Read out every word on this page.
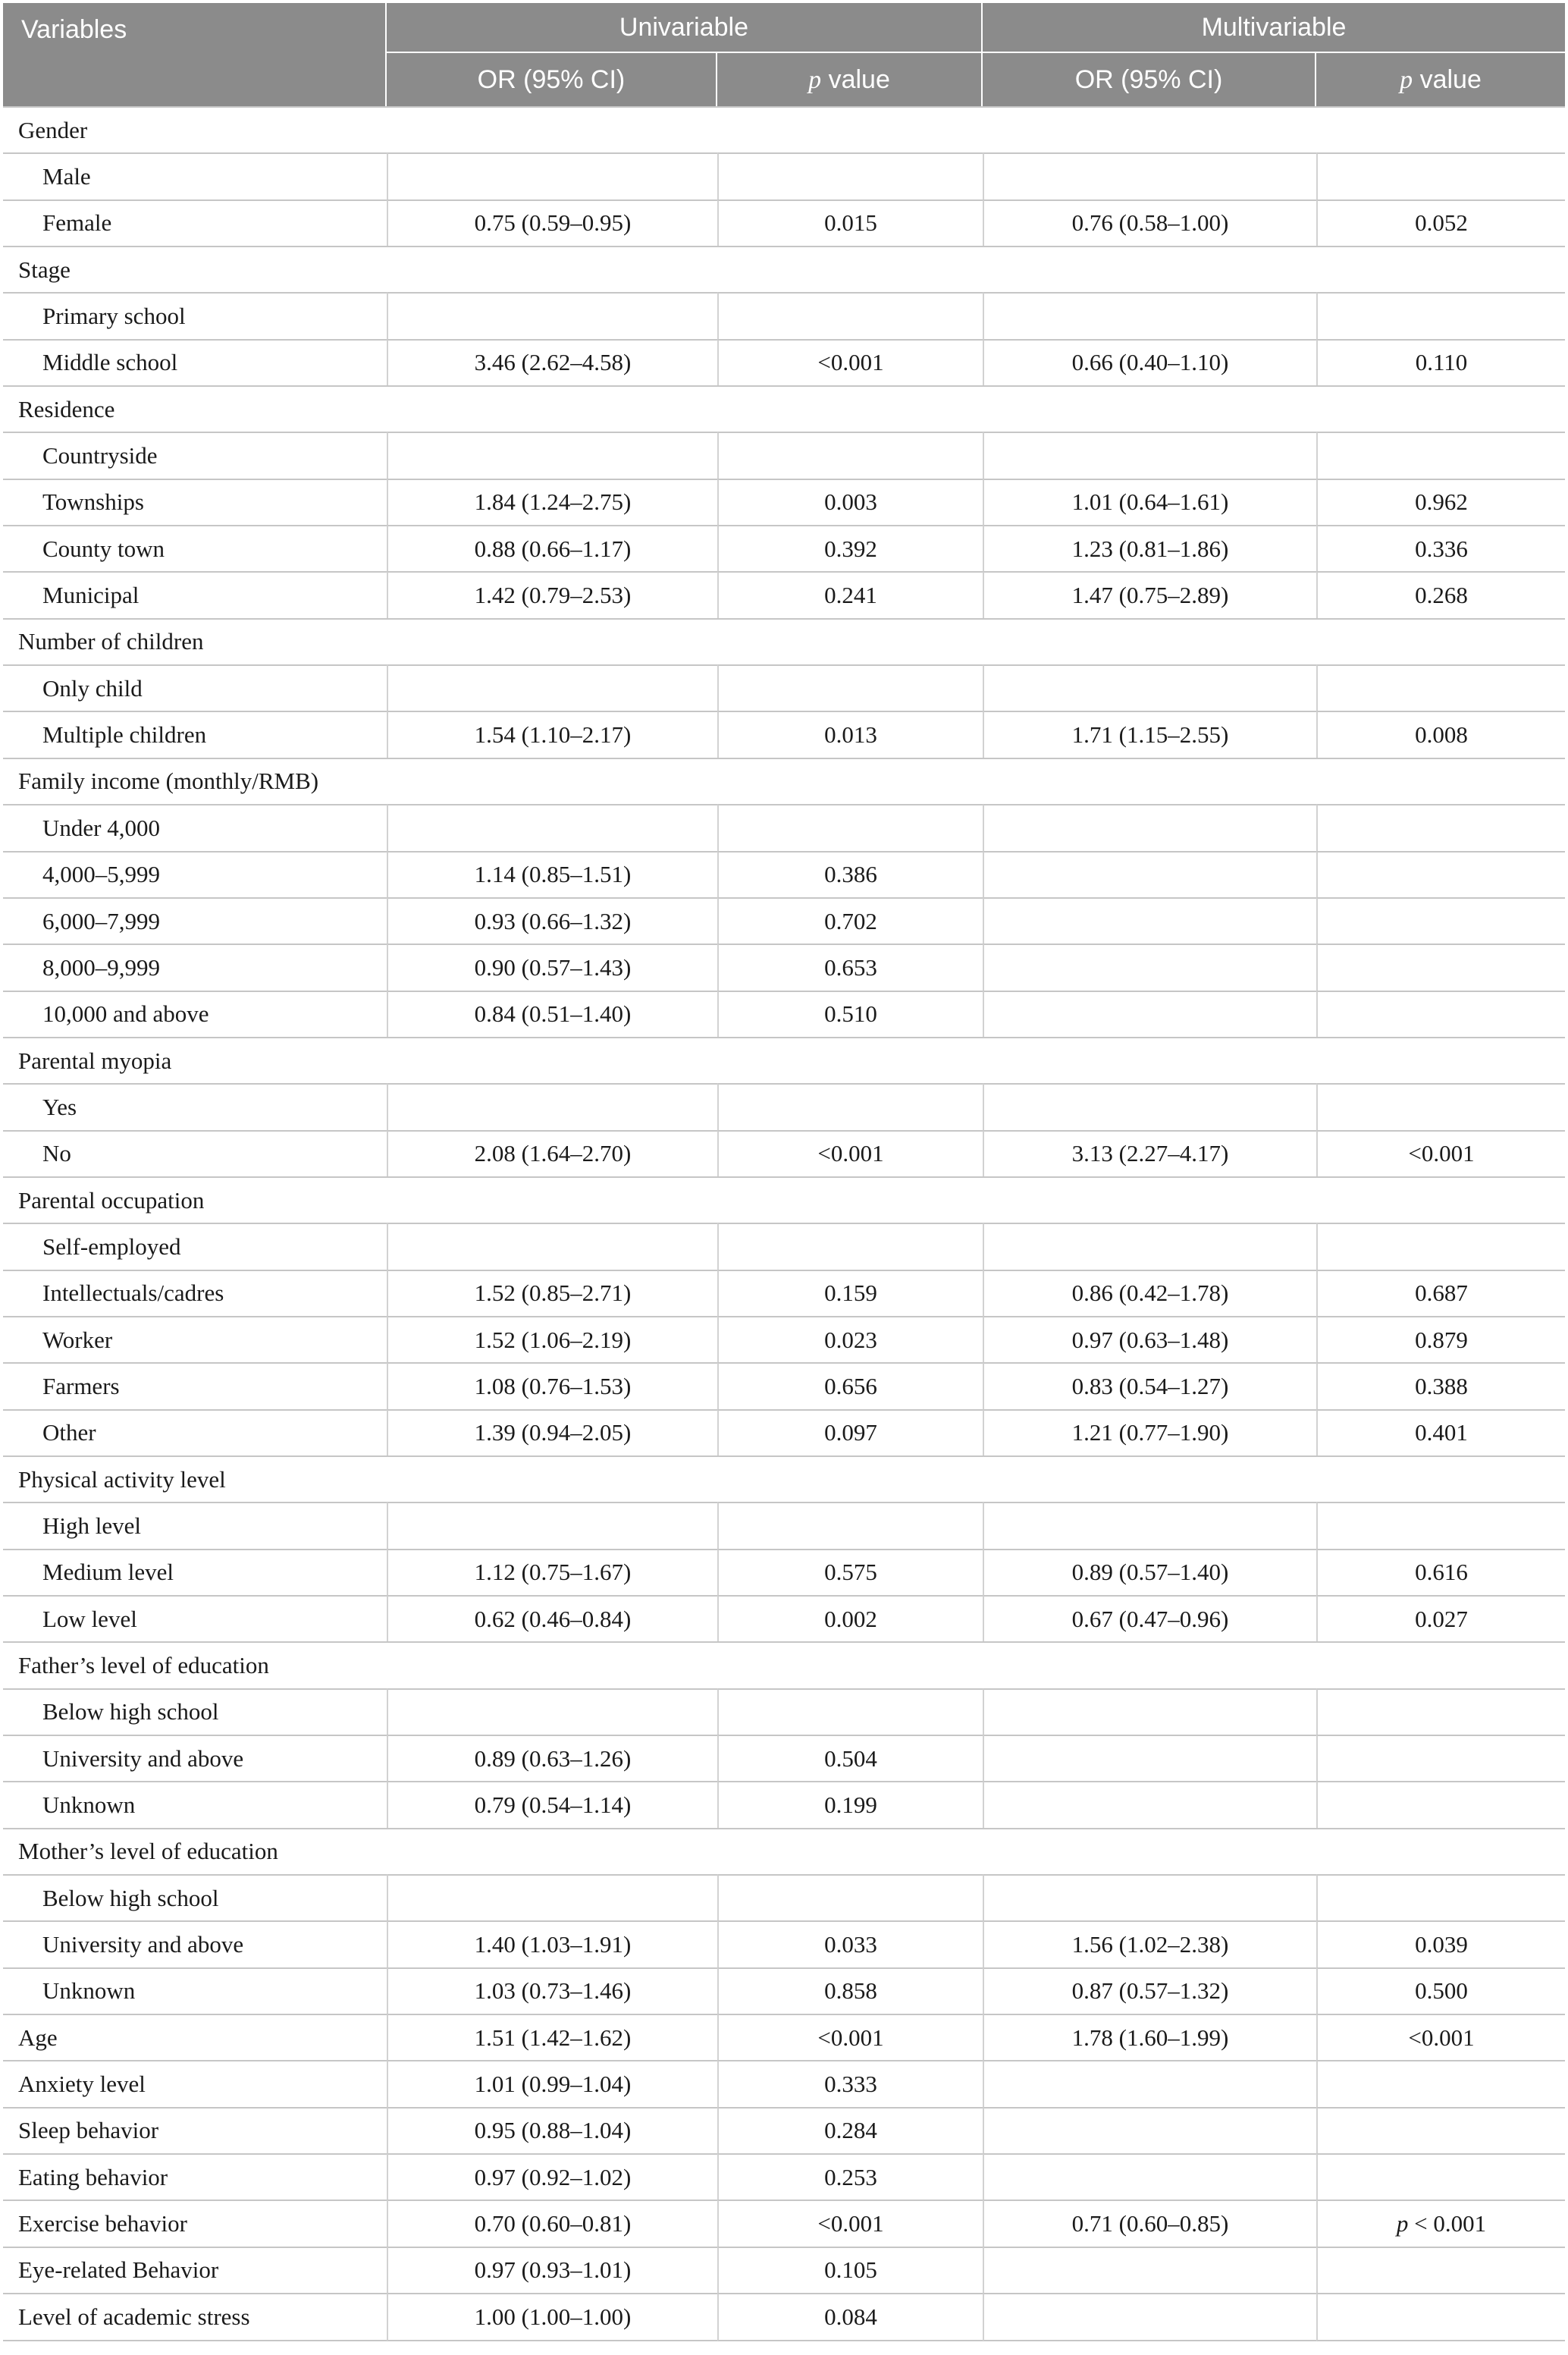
Variables	Univariable		Multivariable	
	OR (95% CI)	p value	OR (95% CI)	p value
Gender				
Male				
Female	0.75 (0.59–0.95)	0.015	0.76 (0.58–1.00)	0.052
Stage				
Primary school				
Middle school	3.46 (2.62–4.58)	<0.001	0.66 (0.40–1.10)	0.110
Residence				
Countryside				
Townships	1.84 (1.24–2.75)	0.003	1.01 (0.64–1.61)	0.962
County town	0.88 (0.66–1.17)	0.392	1.23 (0.81–1.86)	0.336
Municipal	1.42 (0.79–2.53)	0.241	1.47 (0.75–2.89)	0.268
Number of children				
Only child				
Multiple children	1.54 (1.10–2.17)	0.013	1.71 (1.15–2.55)	0.008
Family income (monthly/RMB)				
Under 4,000				
4,000–5,999	1.14 (0.85–1.51)	0.386		
6,000–7,999	0.93 (0.66–1.32)	0.702		
8,000–9,999	0.90 (0.57–1.43)	0.653		
10,000 and above	0.84 (0.51–1.40)	0.510		
Parental myopia				
Yes				
No	2.08 (1.64–2.70)	<0.001	3.13 (2.27–4.17)	<0.001
Parental occupation				
Self-employed				
Intellectuals/cadres	1.52 (0.85–2.71)	0.159	0.86 (0.42–1.78)	0.687
Worker	1.52 (1.06–2.19)	0.023	0.97 (0.63–1.48)	0.879
Farmers	1.08 (0.76–1.53)	0.656	0.83 (0.54–1.27)	0.388
Other	1.39 (0.94–2.05)	0.097	1.21 (0.77–1.90)	0.401
Physical activity level				
High level				
Medium level	1.12 (0.75–1.67)	0.575	0.89 (0.57–1.40)	0.616
Low level	0.62 (0.46–0.84)	0.002	0.67 (0.47–0.96)	0.027
Father’s level of education				
Below high school				
University and above	0.89 (0.63–1.26)	0.504		
Unknown	0.79 (0.54–1.14)	0.199		
Mother’s level of education				
Below high school				
University and above	1.40 (1.03–1.91)	0.033	1.56 (1.02–2.38)	0.039
Unknown	1.03 (0.73–1.46)	0.858	0.87 (0.57–1.32)	0.500
Age	1.51 (1.42–1.62)	<0.001	1.78 (1.60–1.99)	<0.001
Anxiety level	1.01 (0.99–1.04)	0.333		
Sleep behavior	0.95 (0.88–1.04)	0.284		
Eating behavior	0.97 (0.92–1.02)	0.253		
Exercise behavior	0.70 (0.60–0.81)	<0.001	0.71 (0.60–0.85)	p < 0.001
Eye-related Behavior	0.97 (0.93–1.01)	0.105		
Level of academic stress	1.00 (1.00–1.00)	0.084		
